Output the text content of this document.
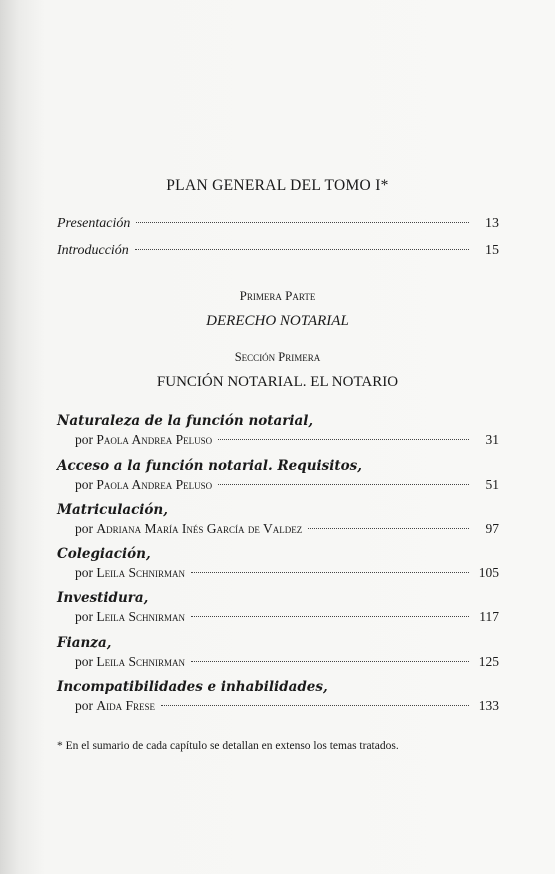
PLAN GENERAL DEL TOMO I*
Presentación	13
Introducción	15
Primera Parte
DERECHO NOTARIAL
Sección Primera
FUNCIÓN NOTARIAL. EL NOTARIO
Naturaleza de la función notarial,
por
Paola Andrea Peluso	31
Acceso a la función notarial. Requisitos,
por
Paola Andrea Peluso	51
Matriculación,
por
Adriana María Inés García de Valdez	97
Colegiación,
por
Leila Schnirman	105
Investidura,
por
Leila Schnirman	117
Fianza,
por
Leila Schnirman	125
Incompatibilidades e inhabilidades,
por
Aida Frese	133
* En el sumario de cada capítulo se detallan en extenso los temas tratados.
